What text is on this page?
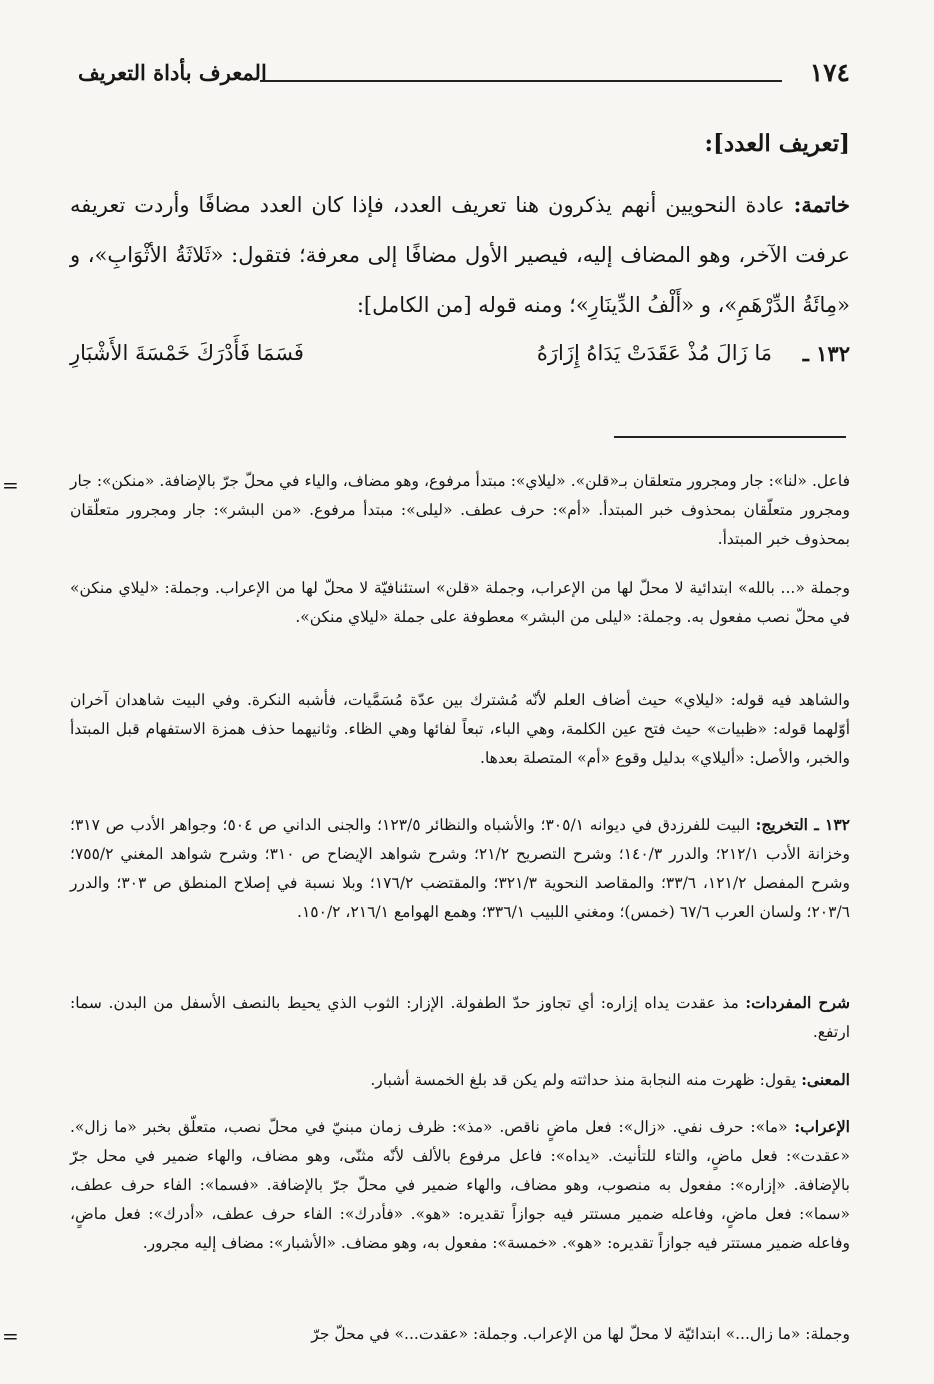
١٧٤
المعرف بأداة التعريف
[تعريف العدد]:

خاتمة: عادة النحويين أنهم يذكرون هنا تعريف العدد، فإذا كان العدد مضافًا وأردت تعريفه عرفت الآخر، وهو المضاف إليه، فيصير الأول مضافًا إلى معرفة؛ فتقول: «ثَلاثَةُ الأثْوَابِ»، و «مِائَةُ الدِّرْهَمِ»، و «أَلْفُ الدِّينَارِ»؛ ومنه قوله [من الكامل]:

١٣٢ ـ
مَا زَالَ مُذْ عَقَدَتْ يَدَاهُ إِزَارَهُ
فَسَمَا فَأَدْرَكَ خَمْسَةَ الأَشْبَارِ
=	فاعل. «لنا»: جار ومجرور متعلقان بـ«قلن». «ليلاي»: مبتدأ مرفوع، وهو مضاف، والياء في محلّ جرّ بالإضافة. «منكن»: جار ومجرور متعلّقان بمحذوف خبر المبتدأ. «أم»: حرف عطف. «ليلى»: مبتدأ مرفوع. «من البشر»: جار ومجرور متعلّقان بمحذوف خبر المبتدأ.

وجملة «... بالله» ابتدائية لا محلّ لها من الإعراب، وجملة «قلن» استئنافيّة لا محلّ لها من الإعراب. وجملة: «ليلاي منكن» في محلّ نصب مفعول به. وجملة: «ليلى من البشر» معطوفة على جملة «ليلاي منكن».

والشاهد فيه قوله: «ليلاي» حيث أضاف العلم لأنّه مُشترك بين عدّة مُسَمَّيات، فأشبه النكرة. وفي البيت شاهدان آخران أوّلهما قوله: «ظبيات» حيث فتح عين الكلمة، وهي الباء، تبعاً لفائها وهي الظاء. وثانيهما حذف همزة الاستفهام قبل المبتدأ والخبر، والأصل: «أليلاي» بدليل وقوع «أم» المتصلة بعدها.

١٣٢ ـ التخريج: البيت للفرزدق في ديوانه ٣٠٥/١؛ والأشباه والنظائر ١٢٣/٥؛ والجنى الداني ص ٥٠٤؛ وجواهر الأدب ص ٣١٧؛ وخزانة الأدب ٢١٢/١؛ والدرر ١٤٠/٣؛ وشرح التصريح ٢١/٢؛ وشرح شواهد الإيضاح ص ٣١٠؛ وشرح شواهد المغني ٧٥٥/٢؛ وشرح المفصل ١٢١/٢، ٣٣/٦؛ والمقاصد النحوية ٣٢١/٣؛ والمقتضب ١٧٦/٢؛ وبلا نسبة في إصلاح المنطق ص ٣٠٣؛ والدرر ٢٠٣/٦؛ ولسان العرب ٦٧/٦ (خمس)؛ ومغني اللبيب ٣٣٦/١؛ وهمع الهوامع ٢١٦/١، ١٥٠/٢.

شرح المفردات: مذ عقدت يداه إزاره: أي تجاوز حدّ الطفولة. الإزار: الثوب الذي يحيط بالنصف الأسفل من البدن. سما: ارتفع.

المعنى: يقول: ظهرت منه النجابة منذ حداثته ولم يكن قد بلغ الخمسة أشبار.

الإعراب: «ما»: حرف نفي. «زال»: فعل ماضٍ ناقص. «مذ»: ظرف زمان مبنيّ في محلّ نصب، متعلّق بخبر «ما زال». «عقدت»: فعل ماضٍ، والتاء للتأنيث. «يداه»: فاعل مرفوع بالألف لأنّه مثنّى، وهو مضاف، والهاء ضمير في محل جرّ بالإضافة. «إزاره»: مفعول به منصوب، وهو مضاف، والهاء ضمير في محلّ جرّ بالإضافة. «فسما»: الفاء حرف عطف، «سما»: فعل ماضٍ، وفاعله ضمير مستتر فيه جوازاً تقديره: «هو». «فأدرك»: الفاء حرف عطف، «أدرك»: فعل ماضٍ، وفاعله ضمير مستتر فيه جوازاً تقديره: «هو». «خمسة»: مفعول به، وهو مضاف. «الأشبار»: مضاف إليه مجرور.

=	وجملة: «ما زال...» ابتدائيّة لا محلّ لها من الإعراب. وجملة: «عقدت...» في محلّ جرّ
